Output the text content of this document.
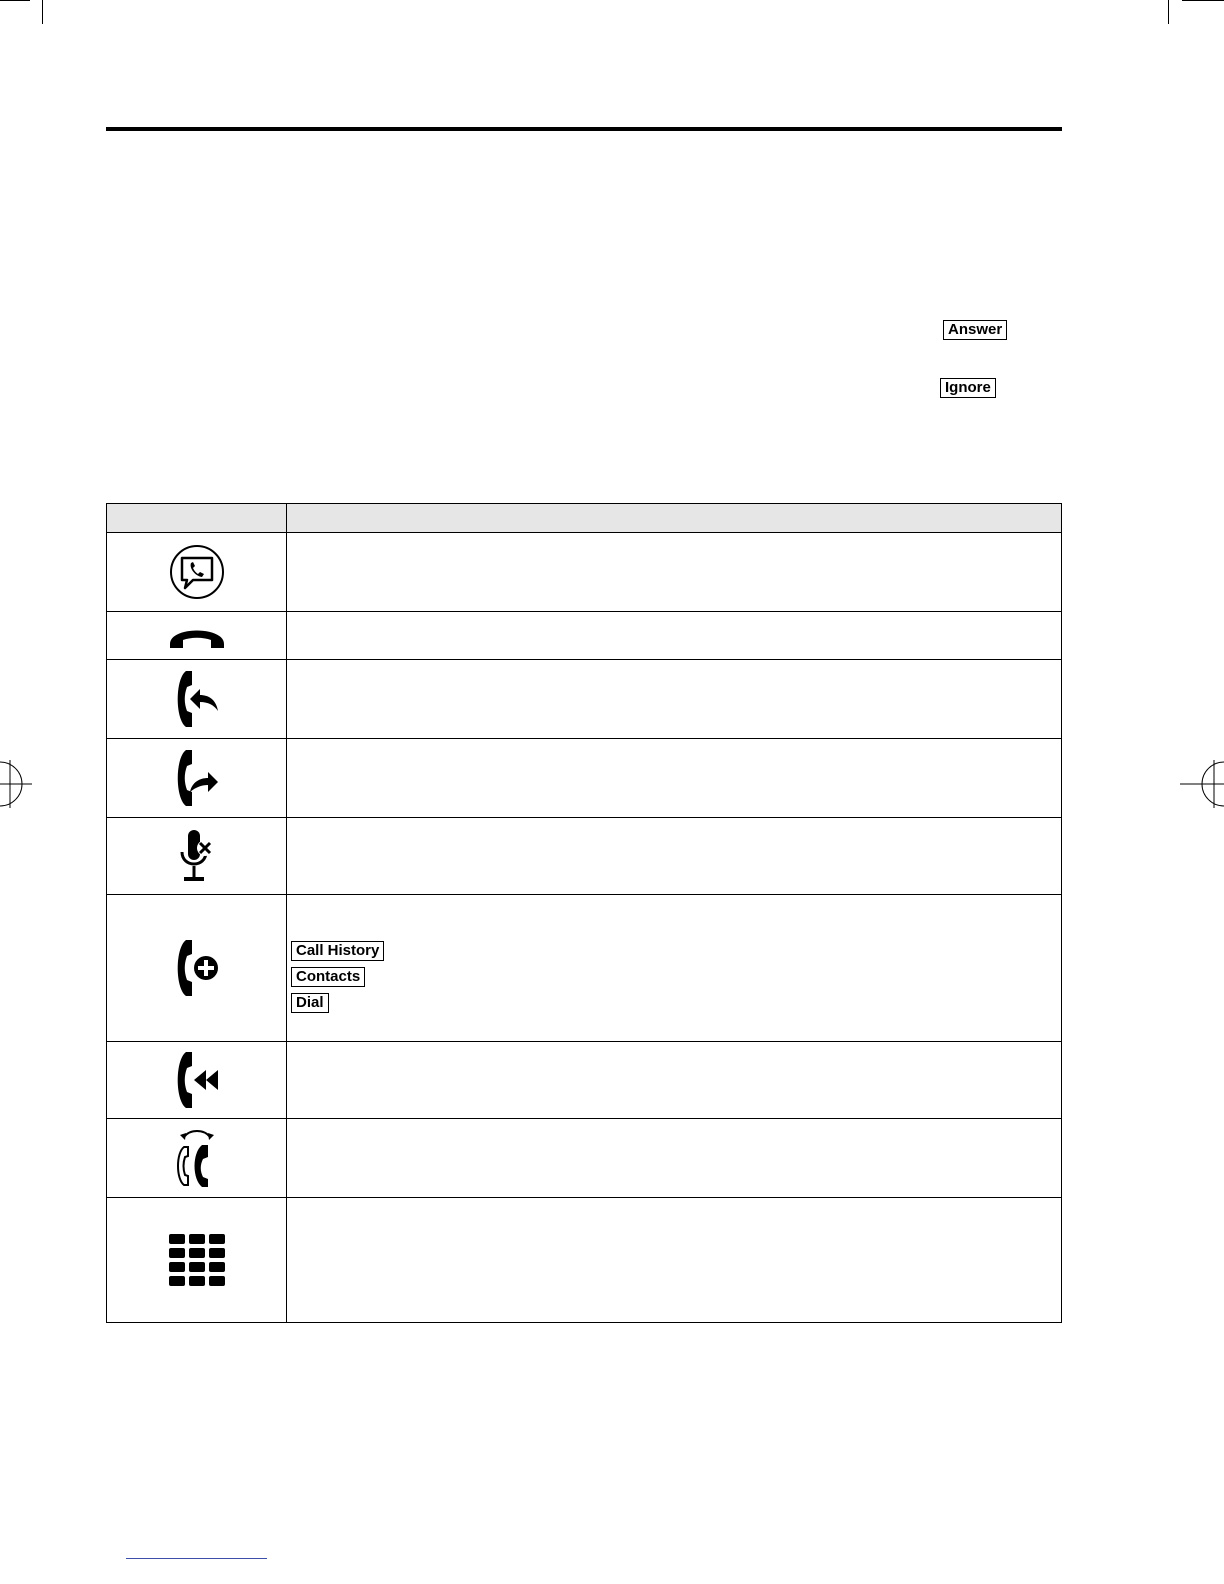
Answer
Ignore
Call History
Contacts
Dial
